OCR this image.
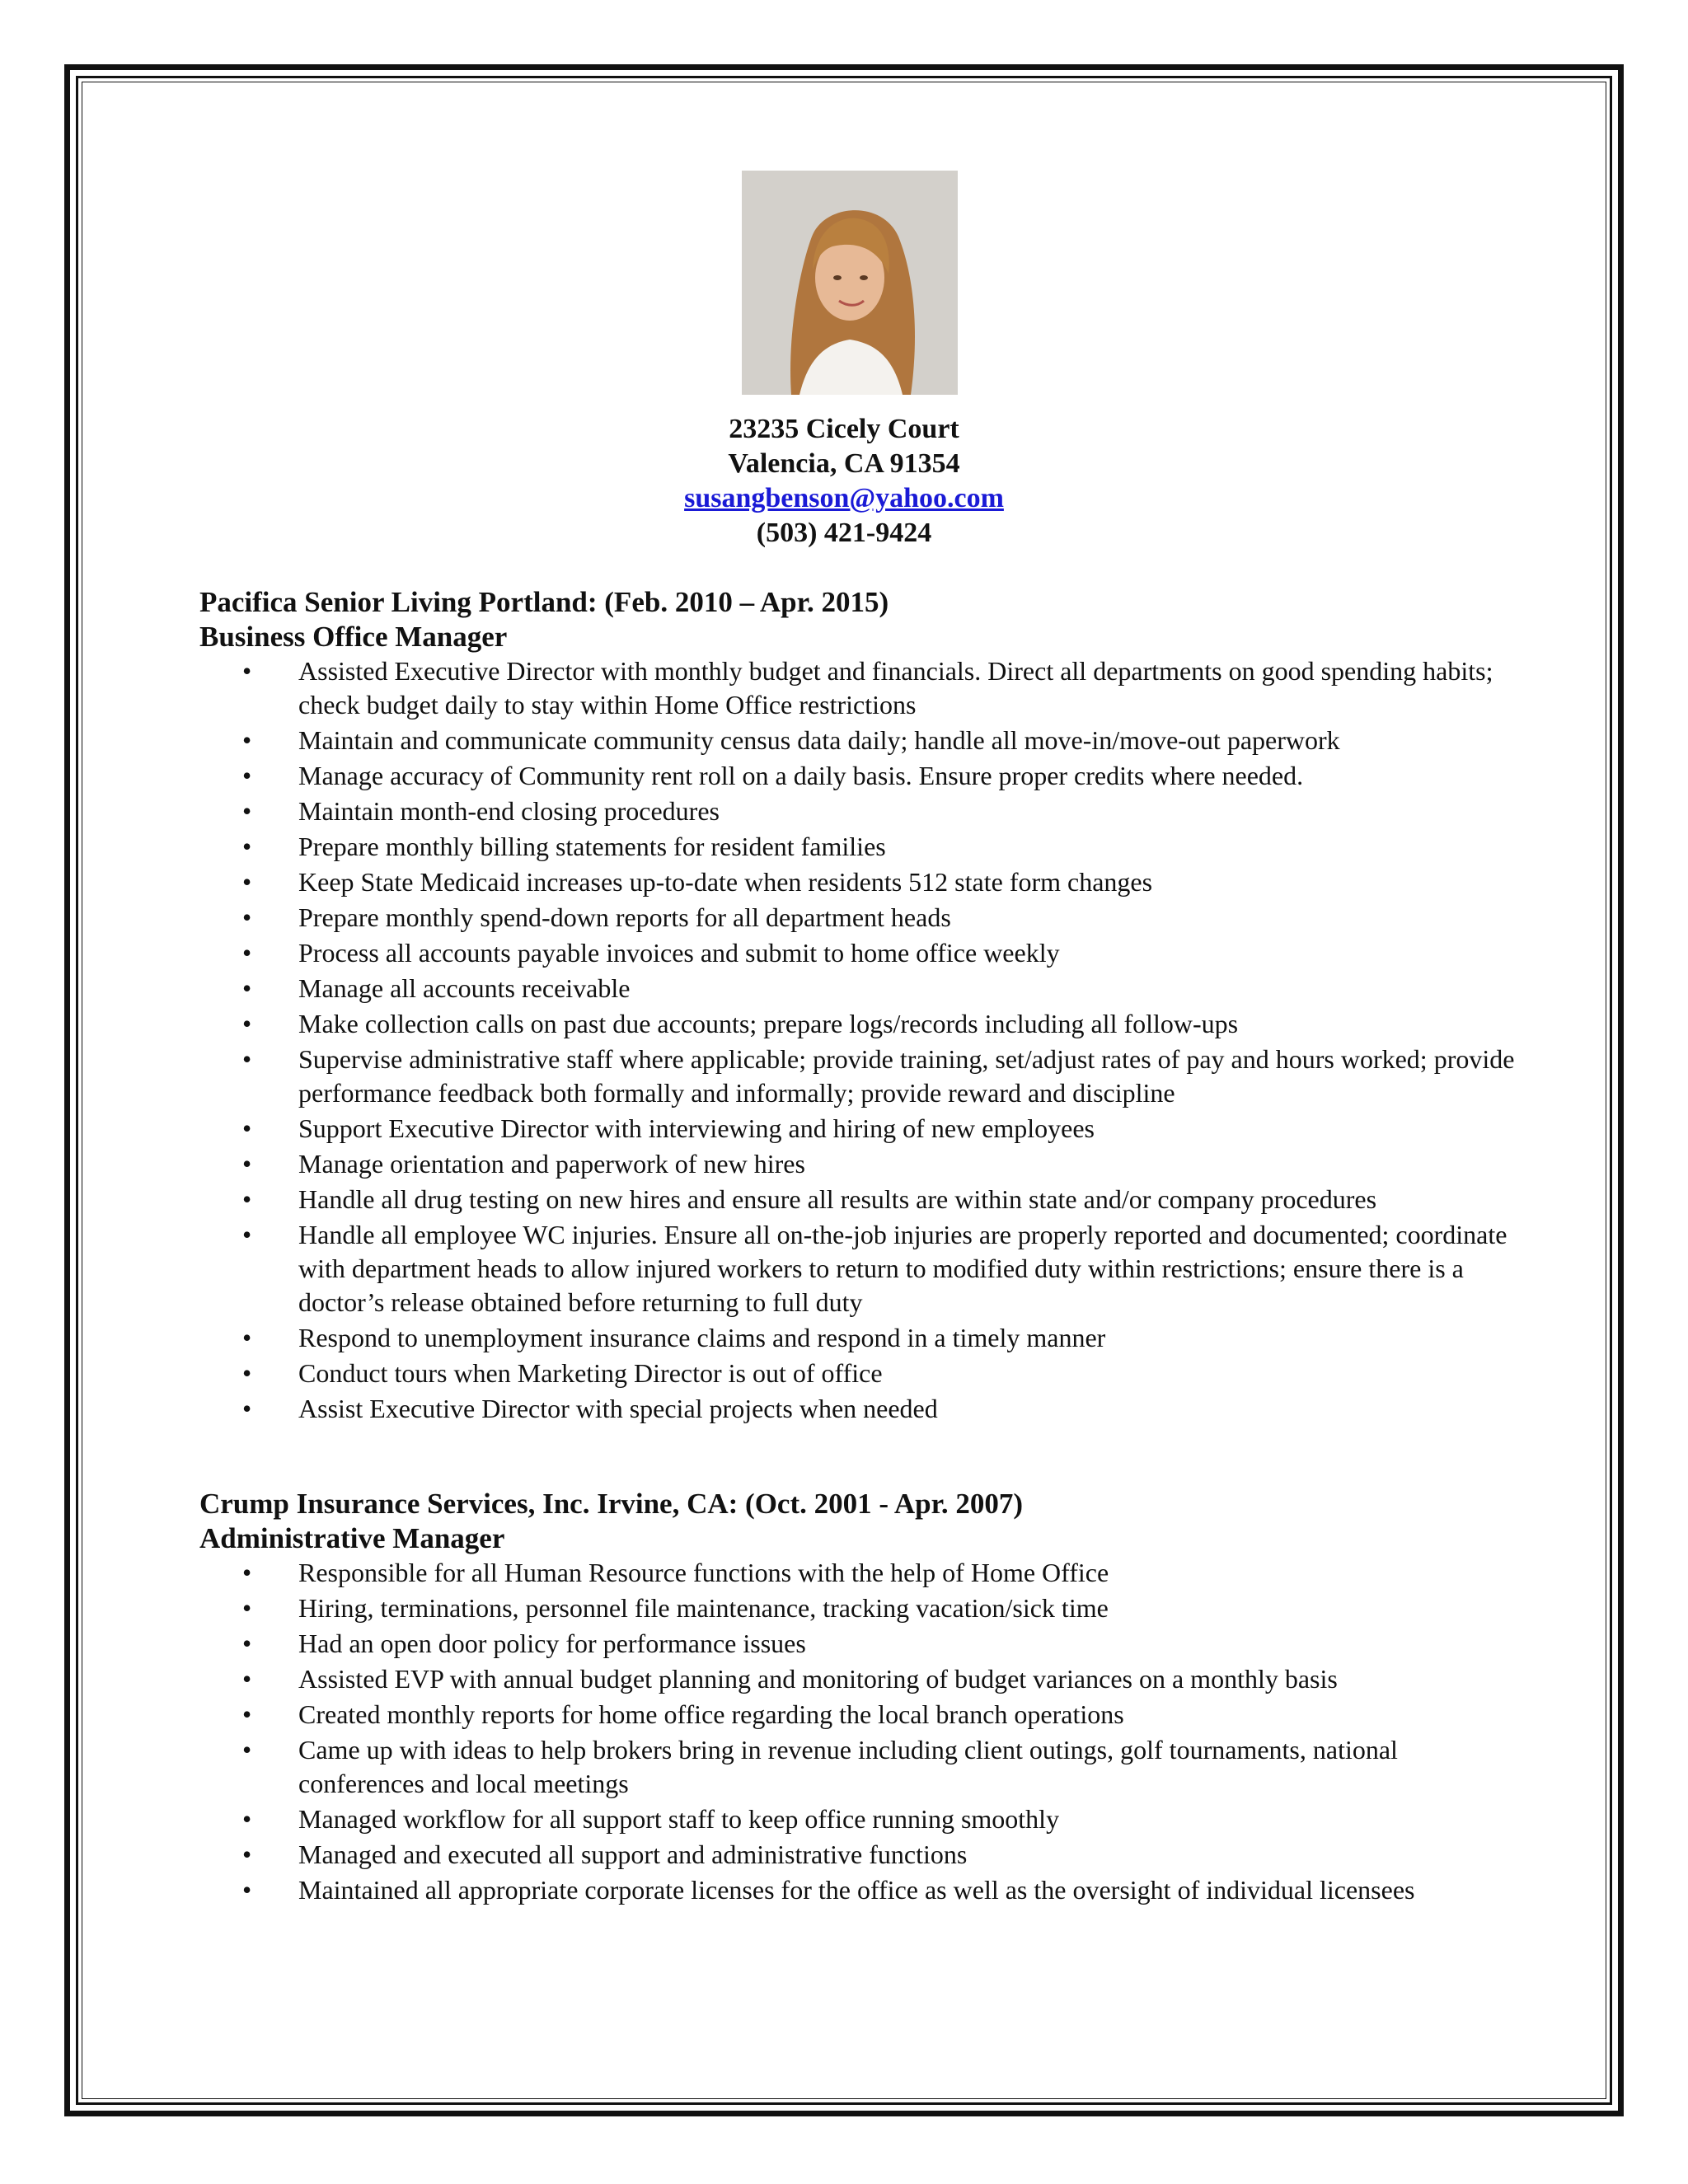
23235 Cicely Court
Valencia, CA 91354
susangbenson@yahoo.com
(503) 421-9424

Pacifica Senior Living Portland: (Feb. 2010 – Apr. 2015)

Business Office Manager

• Assisted Executive Director with monthly budget and financials. Direct all departments on good spending habits; check budget daily to stay within Home Office restrictions
• Maintain and communicate community census data daily; handle all move-in/move-out paperwork
• Manage accuracy of Community rent roll on a daily basis. Ensure proper credits where needed.
• Maintain month-end closing procedures
• Prepare monthly billing statements for resident families
• Keep State Medicaid increases up-to-date when residents 512 state form changes
• Prepare monthly spend-down reports for all department heads
• Process all accounts payable invoices and submit to home office weekly
• Manage all accounts receivable
• Make collection calls on past due accounts; prepare logs/records including all follow-ups
• Supervise administrative staff where applicable; provide training, set/adjust rates of pay and hours worked; provide performance feedback both formally and informally; provide reward and discipline
• Support Executive Director with interviewing and hiring of new employees
• Manage orientation and paperwork of new hires
• Handle all drug testing on new hires and ensure all results are within state and/or company procedures
• Handle all employee WC injuries. Ensure all on-the-job injuries are properly reported and documented; coordinate with department heads to allow injured workers to return to modified duty within restrictions; ensure there is a doctor’s release obtained before returning to full duty
• Respond to unemployment insurance claims and respond in a timely manner
• Conduct tours when Marketing Director is out of office
• Assist Executive Director with special projects when needed

Crump Insurance Services, Inc. Irvine, CA: (Oct. 2001 - Apr. 2007)

Administrative Manager

• Responsible for all Human Resource functions with the help of Home Office
• Hiring, terminations, personnel file maintenance, tracking vacation/sick time
• Had an open door policy for performance issues
• Assisted EVP with annual budget planning and monitoring of budget variances on a monthly basis
• Created monthly reports for home office regarding the local branch operations
• Came up with ideas to help brokers bring in revenue including client outings, golf tournaments, national conferences and local meetings
• Managed workflow for all support staff to keep office running smoothly
• Managed and executed all support and administrative functions
• Maintained all appropriate corporate licenses for the office as well as the oversight of individual licensees
